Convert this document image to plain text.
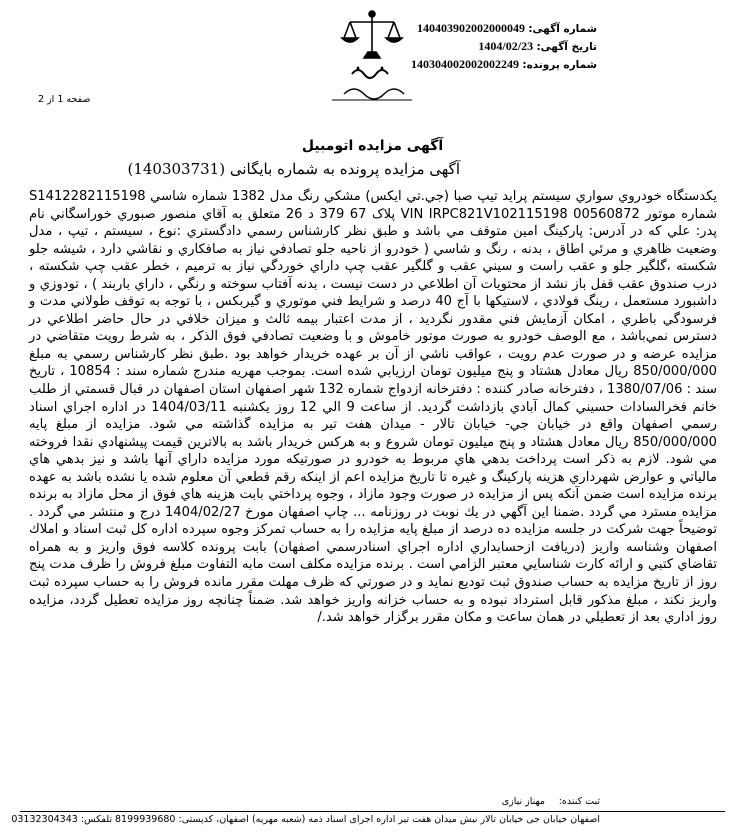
شماره آگهی: 140403902002000049
تاریخ آگهی: 1404/02/23
شماره پرونده: 140304002002002249
صفحه 1 از 2
آگهی مزایده اتومبیل
آگهی مزایده پرونده به شماره بایگانی (140303731)
یکدستگاه خودروي سواري سيستم پرايد تيپ صبا (جي.تي ايكس) مشكي رنگ مدل 1382 شماره شاسي S1412282115198 شماره موتور 00560872 VIN IRPC821V102115198 پلاک 67 379 د 26 متعلق به آقاي منصور صبوري خوراسگاني نام پدر: علي كه در آدرس: پاركينگ امين متوقف مي باشد و طبق نظر كارشناس رسمي دادگستري :نوع ، سيستم ، تيپ ، مدل وضعيت ظاهري و مرئي اطاق ، بدنه ، رنگ و شاسي ( خودرو از ناحيه جلو تصادفي نياز به صافكاري و نقاشي دارد ، شيشه جلو شكسته ،گلگير جلو و عقب راست و سيني عقب و گلگير عقب چپ داراي خوردگي نياز به ترميم ، خطر عقب چپ شكسته ، درب صندوق عقب قفل باز نشد از محتويات آن اطلاعي در دست نيست ، بدنه آفتاب سوخته و رنگي ، داراي باربند ) ، تودوزي و داشبورد مستعمل ، رينگ فولادي ، لاستيكها با آج 40 درصد و شرايط فني موتوري و گيربكس ، با توجه به توقف طولاني مدت و فرسودگي باطري ، امكان آزمايش فني مقدور نگرديد ، از مدت اعتبار بيمه ثالث و ميزان خلافي در حال حاضر اطلاعي در دسترس نمي‌باشد ، مع الوصف خودرو به صورت موتور خاموش و با وضعيت تصادفي فوق الذكر ، به شرط رويت متقاضي در مزايده عرضه و در صورت عدم رويت ، عواقب ناشي از آن بر عهده خريدار خواهد بود .طبق نظر كارشناس رسمي به مبلغ 850/000/000 ريال معادل هشتاد و پنج ميليون تومان ارزيابي شده است. بموجب مهريه مندرج شماره سند : 10854 ، تاريخ سند : 1380/07/06 ، دفترخانه صادر كننده : دفترخانه ازدواج شماره 132 شهر اصفهان استان اصفهان در قبال قسمتي از طلب خانم فخرالسادات حسيني كمال آبادي بازداشت گرديد. از ساعت 9 الي 12 روز يكشنبه 1404/03/11 در اداره اجراي اسناد رسمي اصفهان واقع در خيابان جي- خيابان تالار - ميدان هفت تير به مزايده گذاشته مي شود. مزايده از مبلغ پايه 850/000/000 ريال معادل هشتاد و پنج ميليون تومان شروع و به هركس خريدار باشد به بالاترين قيمت پيشنهادي نقدا فروخته مي شود. لازم به ذكر است پرداخت بدهي هاي مربوط به خودرو در صورتيكه مورد مزايده داراي آنها باشد و نيز بدهي هاي مالياتي و عوارض شهرداري هزينه پاركينگ و غيره تا تاريخ مزايده اعم از اينكه رقم قطعي آن معلوم شده يا نشده باشد به عهده برنده مزايده است ضمن آنكه پس از مزايده در صورت وجود مازاد ، وجوه پرداختي بابت هزينه هاي فوق از محل مازاد به برنده مزايده مسترد مي گردد .ضمنا اين آگهي در يك نوبت در روزنامه ... چاپ اصفهان مورخ 1404/02/27 درج و منتشر مي گردد . توضيحاً جهت شركت در جلسه مزايده ده درصد از مبلغ پايه مزايده را به حساب تمركز وجوه سپرده اداره كل ثبت اسناد و املاك اصفهان وشناسه واريز (دريافت ازحسابداري اداره اجراي اسنادرسمي اصفهان) بابت پرونده كلاسه فوق واريز و به همراه تقاضاي كتبي و ارائه كارت شناسايي معتبر الزامي است . برنده مزايده مكلف است مابه التفاوت مبلغ فروش را ظرف مدت پنج روز از تاريخ مزايده به حساب صندوق ثبت توديع نمايد و در صورتي كه ظرف مهلت مقرر مانده فروش را به حساب سپرده ثبت واريز نكند ، مبلغ مذكور قابل استرداد نبوده و به حساب خزانه واريز خواهد شد. ضمناً چنانچه روز مزايده تعطيل گردد، مزايده روز اداري بعد از تعطيلي در همان ساعت و مكان مقرر برگزار خواهد شد./
ثبت کننده:
مهناز نیازی
اصفهان خیابان جی خیابان تالار نبش میدان هفت تیر اداره اجرای اسناد ذمه (شعبه مهریه) اصفهان، کدپستی: 8199939680 تلفکس: 03132304343
